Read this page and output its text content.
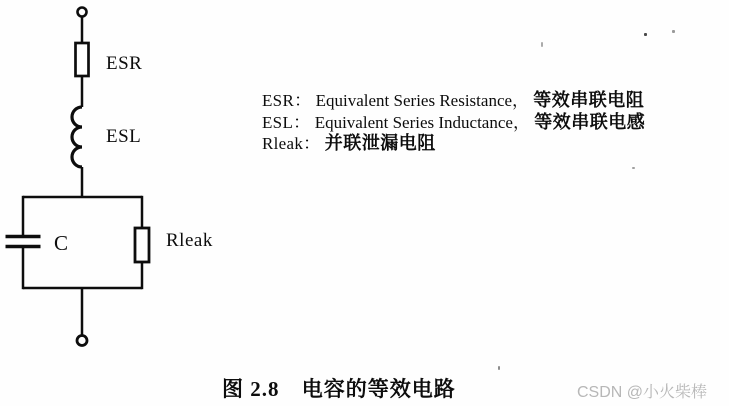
ESR
ESL
C	Rleak
ESR： Equivalent Series Resistance， 等效串联电阻
ESL： Equivalent Series Inductance， 等效串联电感
Rleak： 并联泄漏电阻
图 2.8 电容的等效电路	CSDN @小火柴棒
